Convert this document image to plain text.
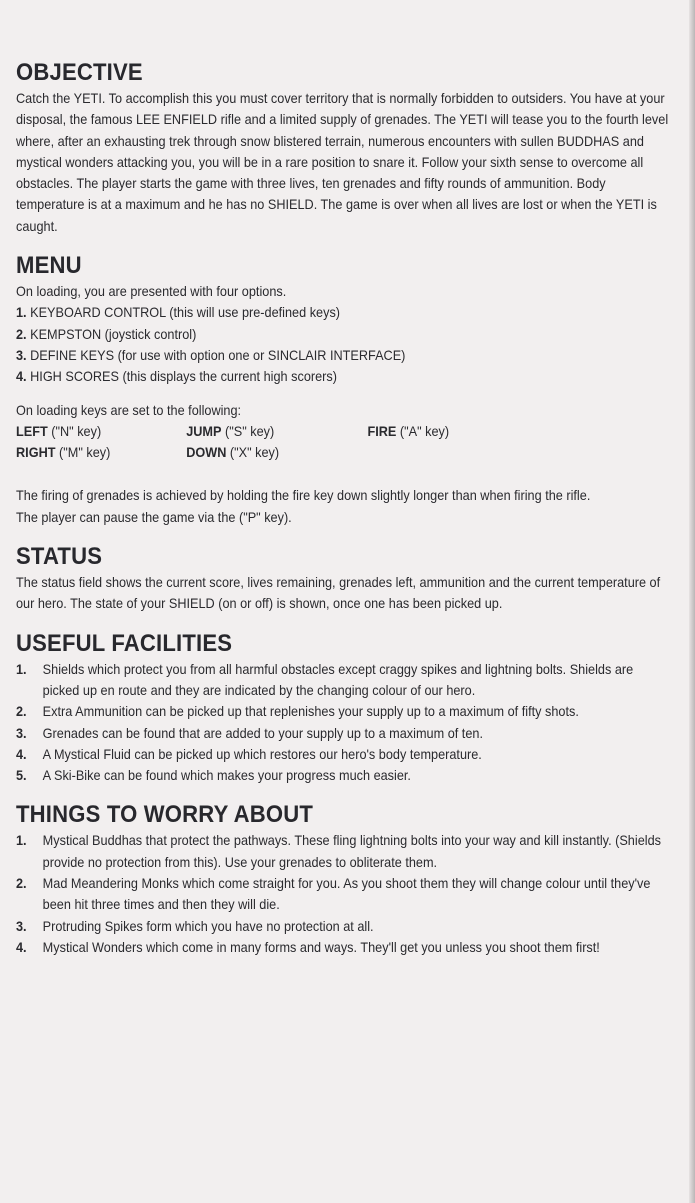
OBJECTIVE

Catch the YETI. To accomplish this you must cover territory that is normally forbidden to outsiders. You have at your disposal, the famous LEE ENFIELD rifle and a limited supply of grenades. The YETI will tease you to the fourth level where, after an exhausting trek through snow blistered terrain, numerous encounters with sullen BUDDHAS and mystical wonders attacking you, you will be in a rare position to snare it. Follow your sixth sense to overcome all obstacles. The player starts the game with three lives, ten grenades and fifty rounds of ammunition. Body temperature is at a maximum and he has no SHIELD. The game is over when all lives are lost or when the YETI is caught.

MENU

On loading, you are presented with four options.

1. KEYBOARD CONTROL (this will use pre-defined keys)
2. KEMPSTON (joystick control)
3. DEFINE KEYS (for use with option one or SINCLAIR INTERFACE)
4. HIGH SCORES (this displays the current high scorers)

On loading keys are set to the following:

LEFT ("N" key)	JUMP ("S" key)	FIRE ("A" key)
RIGHT ("M" key)	DOWN ("X" key)

The firing of grenades is achieved by holding the fire key down slightly longer than when firing the rifle.

The player can pause the game via the ("P" key).

STATUS

The status field shows the current score, lives remaining, grenades left, ammunition and the current temperature of our hero. The state of your SHIELD (on or off) is shown, once one has been picked up.

USEFUL FACILITIES
1.	Shields which protect you from all harmful obstacles except craggy spikes and lightning bolts. Shields are picked up en route and they are indicated by the changing colour of our hero.
2.	Extra Ammunition can be picked up that replenishes your supply up to a maximum of fifty shots.
3.	Grenades can be found that are added to your supply up to a maximum of ten.
4.	A Mystical Fluid can be picked up which restores our hero's body temperature.
5.	A Ski-Bike can be found which makes your progress much easier.
THINGS TO WORRY ABOUT
1.	Mystical Buddhas that protect the pathways. These fling lightning bolts into your way and kill instantly. (Shields provide no protection from this). Use your grenades to obliterate them.
2.	Mad Meandering Monks which come straight for you. As you shoot them they will change colour until they've been hit three times and then they will die.
3.	Protruding Spikes form which you have no protection at all.
4.	Mystical Wonders which come in many forms and ways. They'll get you unless you shoot them first!
